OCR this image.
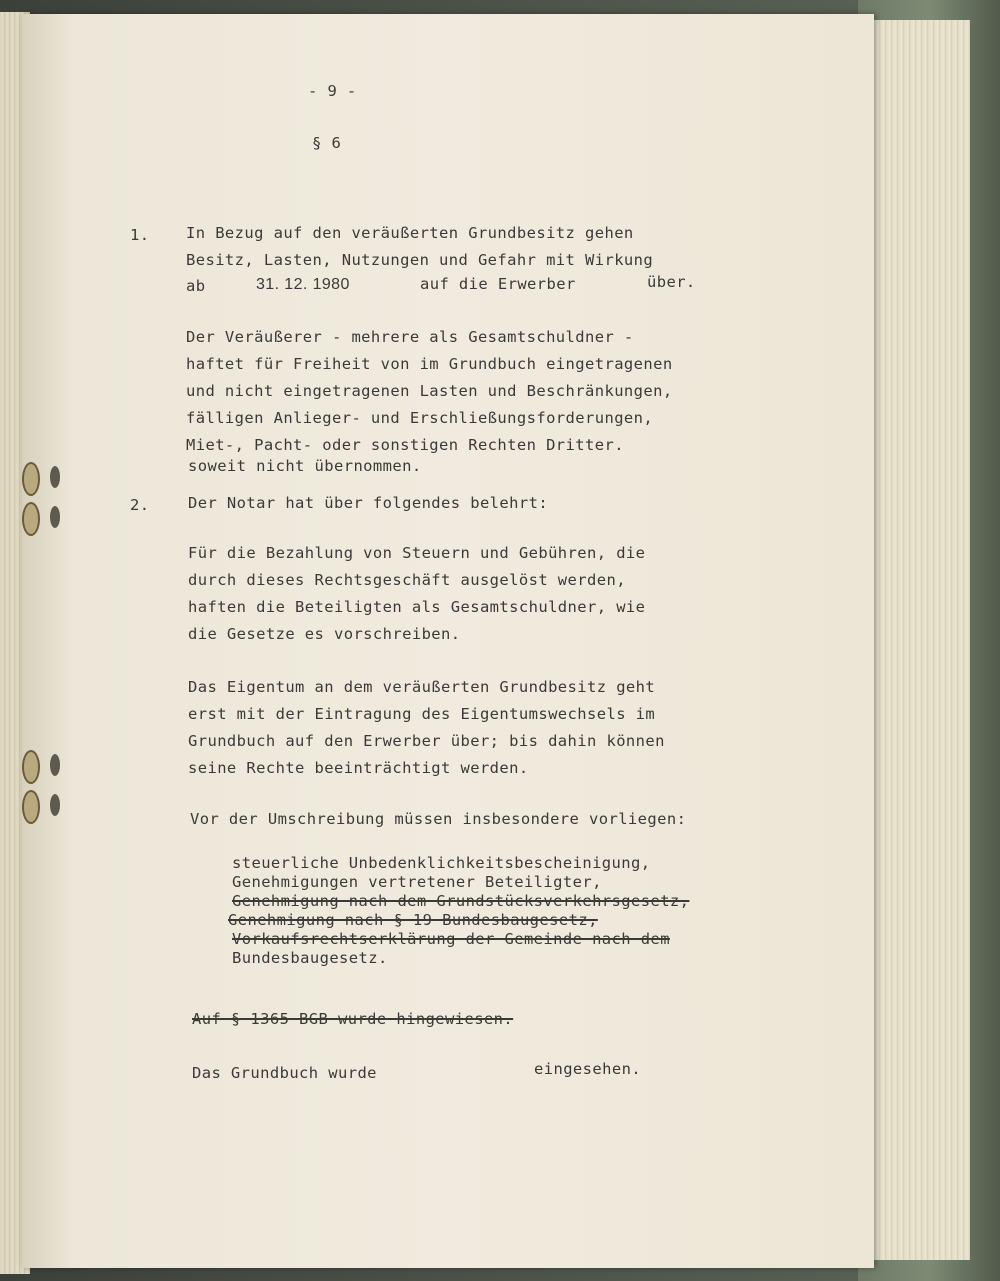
- 9 -

§ 6

1. In Bezug auf den veräußerten Grundbesitz gehen

Besitz, Lasten, Nutzungen und Gefahr mit Wirkung

ab	31. 12. 1980	auf die Erwerber	über.

Der Veräußerer - mehrere als Gesamtschuldner -

haftet für Freiheit von im Grundbuch eingetragenen

und nicht eingetragenen Lasten und Beschränkungen,

fälligen Anlieger- und Erschließungsforderungen,

Miet-, Pacht- oder sonstigen Rechten Dritter.

soweit nicht übernommen.

2. Der Notar hat über folgendes belehrt:

Für die Bezahlung von Steuern und Gebühren, die

durch dieses Rechtsgeschäft ausgelöst werden,

haften die Beteiligten als Gesamtschuldner, wie

die Gesetze es vorschreiben.

Das Eigentum an dem veräußerten Grundbesitz geht

erst mit der Eintragung des Eigentumswechsels im

Grundbuch auf den Erwerber über; bis dahin können

seine Rechte beeinträchtigt werden.

Vor der Umschreibung müssen insbesondere vorliegen:

steuerliche Unbedenklichkeitsbescheinigung,

Genehmigungen vertretener Beteiligter,

Genehmigung nach dem Grundstücksverkehrsgesetz,

Genehmigung nach § 19 Bundesbaugesetz,

Vorkaufsrechtserklärung der Gemeinde nach dem

Bundesbaugesetz.

Auf § 1365 BGB wurde hingewiesen.

Das Grundbuch wurde	eingesehen.
